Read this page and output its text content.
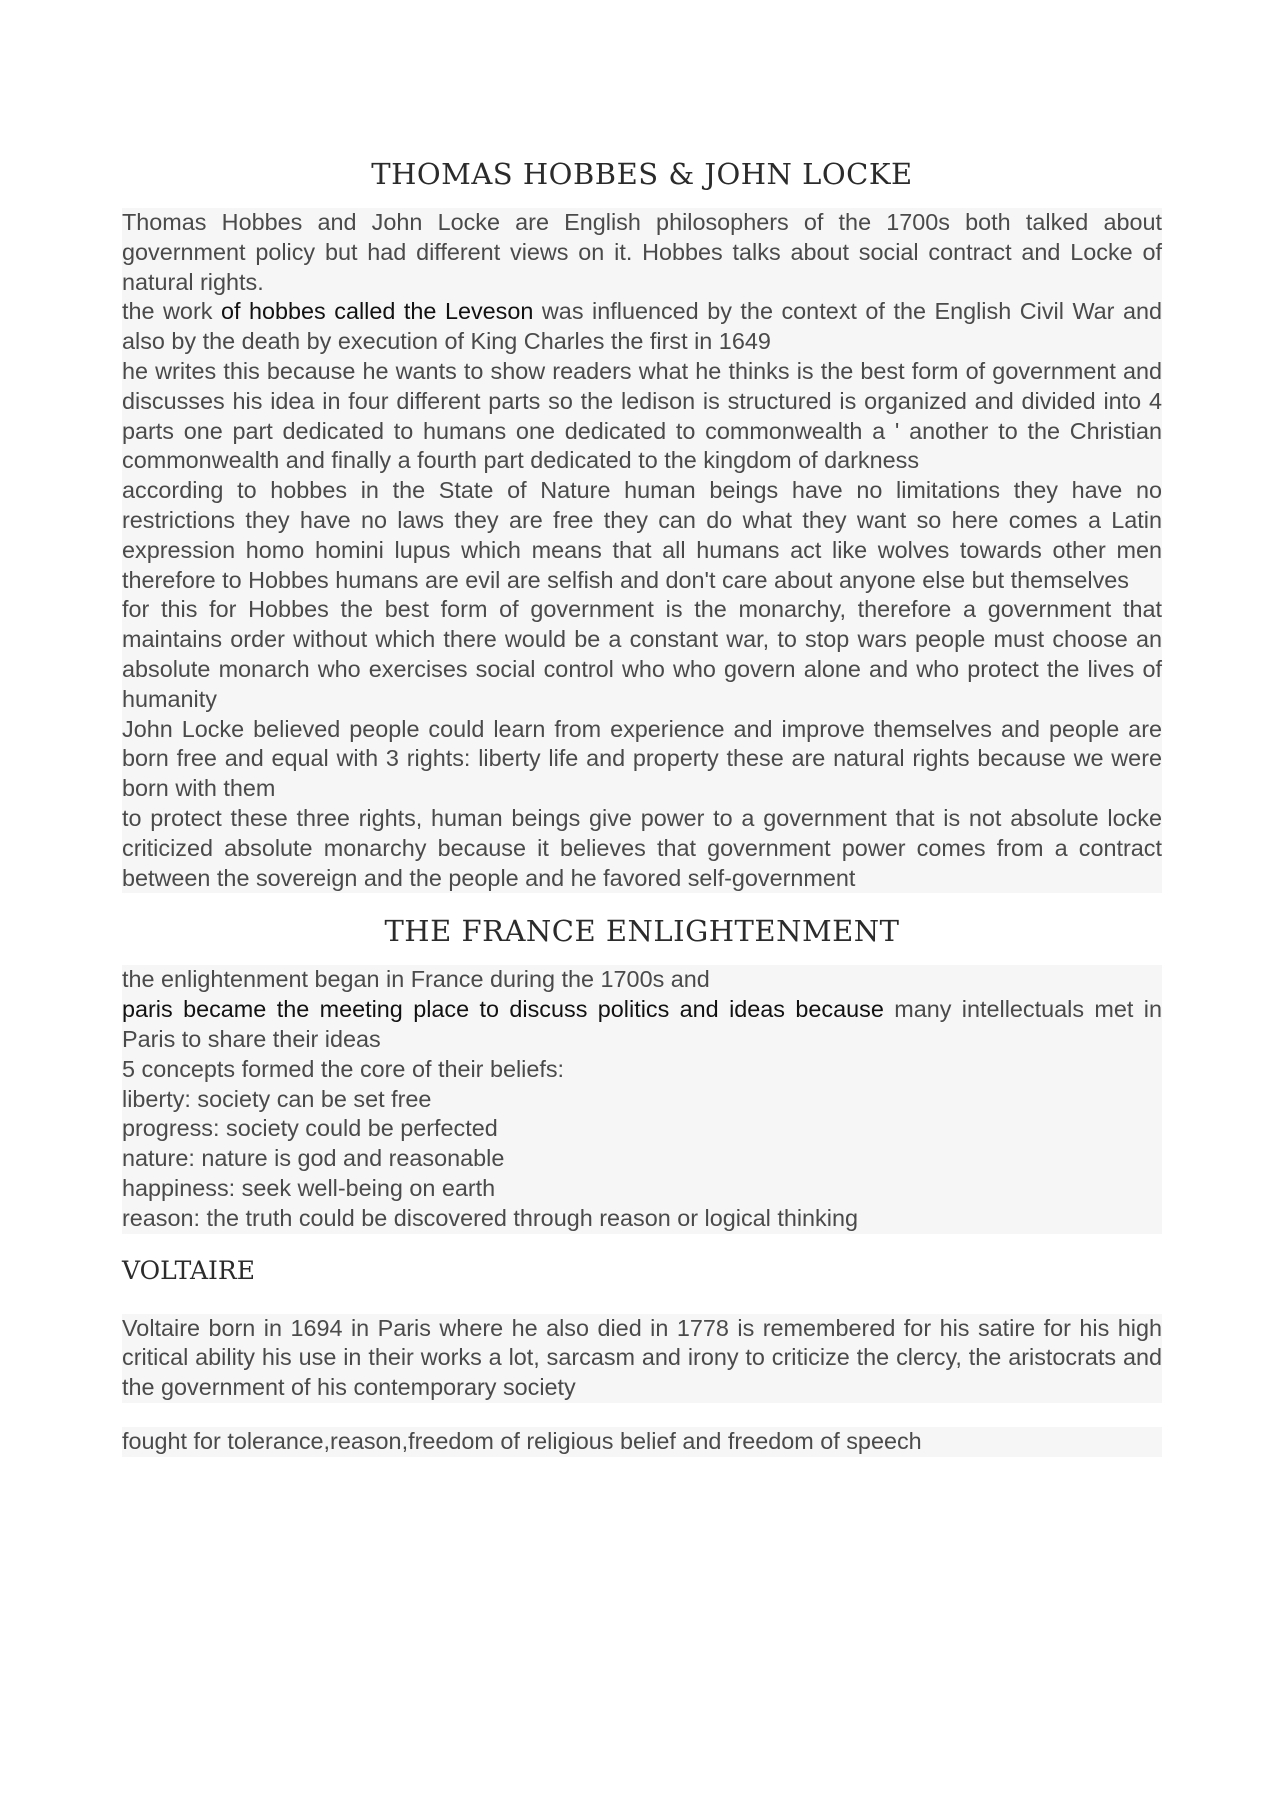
THOMAS HOBBES & JOHN LOCKE

Thomas Hobbes and John Locke are English philosophers of the 1700s both talked about government policy but had different views on it. Hobbes talks about social contract and Locke of natural rights.

the work of hobbes called the Leveson was influenced by the context of the English Civil War and also by the death by execution of King Charles the first in 1649

he writes this because he wants to show readers what he thinks is the best form of government and discusses his idea in four different parts so the ledison is structured is organized and divided into 4 parts one part dedicated to humans one dedicated to commonwealth a ' another to the Christian commonwealth and finally a fourth part dedicated to the kingdom of darkness

according to hobbes in the State of Nature human beings have no limitations they have no restrictions they have no laws they are free they can do what they want so here comes a Latin expression homo homini lupus which means that all humans act like wolves towards other men therefore to Hobbes humans are evil are selfish and don't care about anyone else but themselves

for this for Hobbes the best form of government is the monarchy, therefore a government that maintains order without which there would be a constant war, to stop wars people must choose an absolute monarch who exercises social control who who govern alone and who protect the lives of humanity

John Locke believed people could learn from experience and improve themselves and people are born free and equal with 3 rights: liberty life and property these are natural rights because we were born with them

to protect these three rights, human beings give power to a government that is not absolute locke criticized absolute monarchy because it believes that government power comes from a contract between the sovereign and the people and he favored self-government

THE FRANCE ENLIGHTENMENT

the enlightenment began in France during the 1700s and

paris became the meeting place to discuss politics and ideas because many intellectuals met in Paris to share their ideas

5 concepts formed the core of their beliefs:

liberty: society can be set free

progress: society could be perfected

nature: nature is god and reasonable

happiness: seek well-being on earth

reason: the truth could be discovered through reason or logical thinking

VOLTAIRE

Voltaire born in 1694 in Paris where he also died in 1778 is remembered for his satire for his high critical ability his use in their works a lot, sarcasm and irony to criticize the clercy, the aristocrats and the government of his contemporary society

fought for tolerance,reason,freedom of religious belief and freedom of speech
